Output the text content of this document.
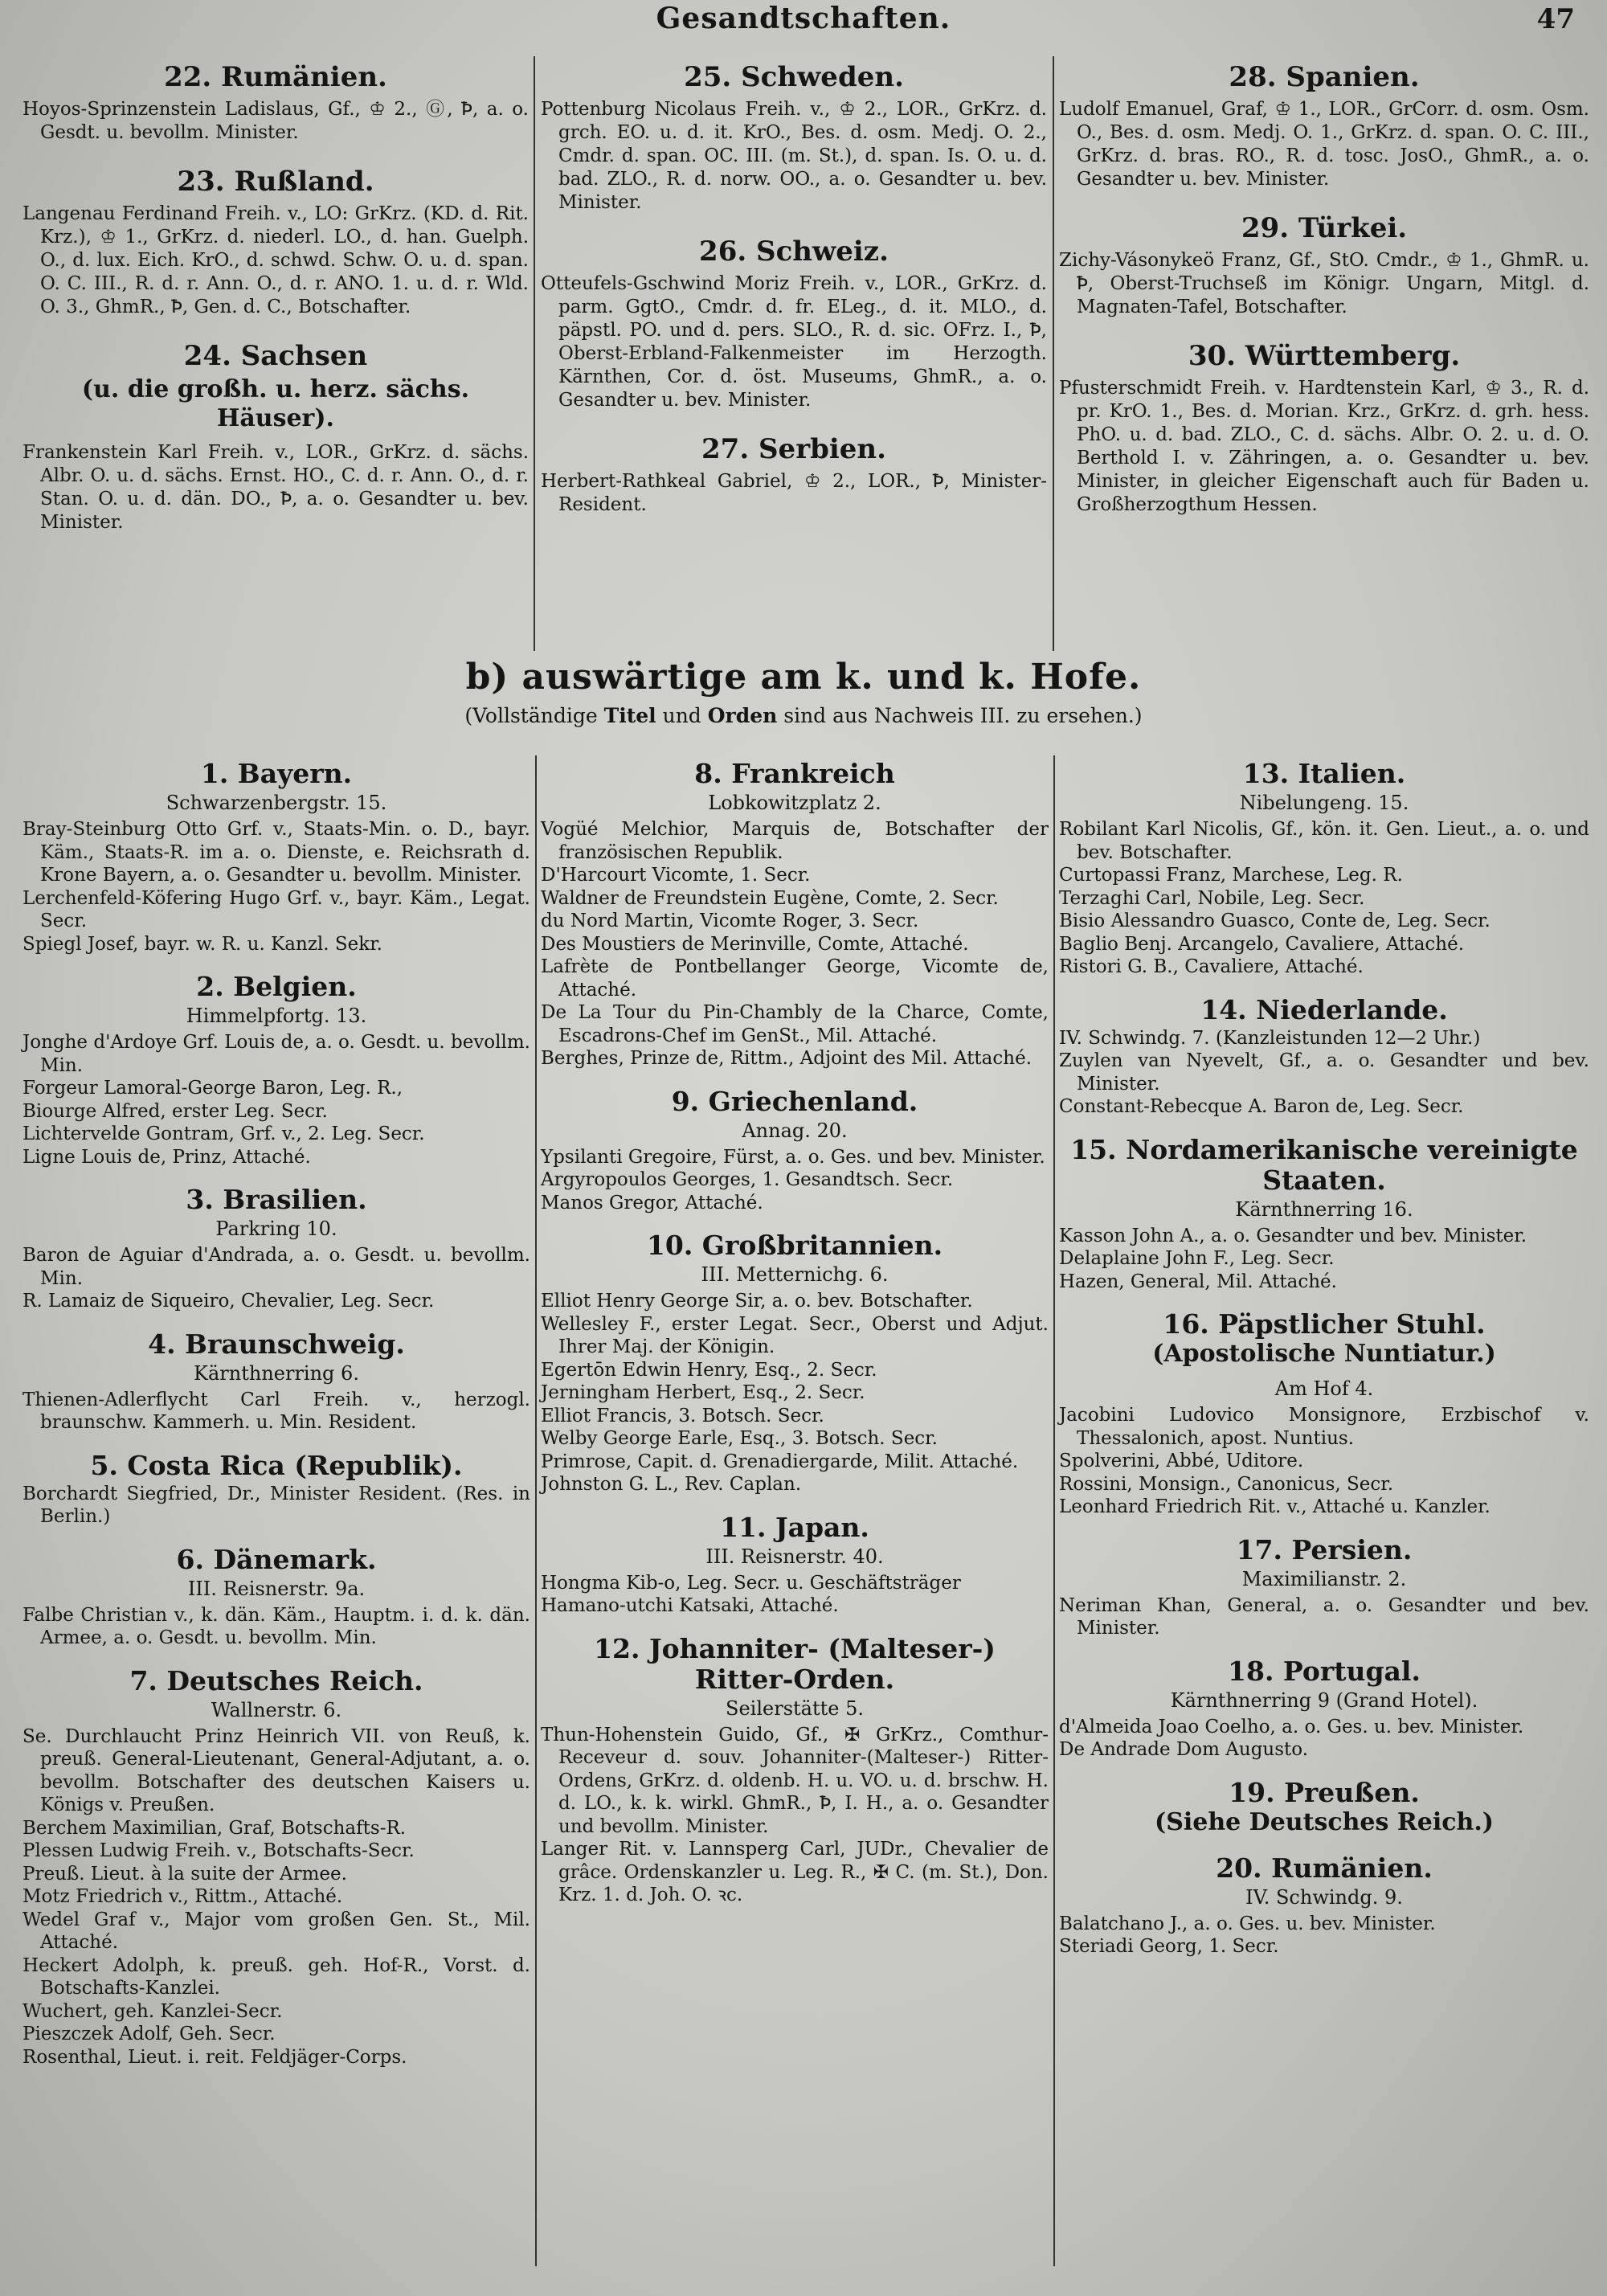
Gesandtschaften.	47
22. Rumänien.

Hoyos-Sprinzenstein Ladislaus, Gf., ♔ 2., Ⓖ, Ꝥ, a. o. Gesdt. u. bevollm. Minister.

23. Rußland.

Langenau Ferdinand Freih. v., LO: GrKrz. (KD. d. Rit. Krz.), ♔ 1., GrKrz. d. niederl. LO., d. han. Guelph. O., d. lux. Eich. KrO., d. schwd. Schw. O. u. d. span. O. C. III., R. d. r. Ann. O., d. r. ANO. 1. u. d. r. Wld. O. 3., GhmR., Ꝥ, Gen. d. C., Botschafter.

24. Sachsen
(u. die großh. u. herz. sächs. Häuser).

Frankenstein Karl Freih. v., LOR., GrKrz. d. sächs. Albr. O. u. d. sächs. Ernst. HO., C. d. r. Ann. O., d. r. Stan. O. u. d. dän. DO., Ꝥ, a. o. Gesandter u. bev. Minister.

25. Schweden.

Pottenburg Nicolaus Freih. v., ♔ 2., LOR., GrKrz. d. grch. EO. u. d. it. KrO., Bes. d. osm. Medj. O. 2., Cmdr. d. span. OC. III. (m. St.), d. span. Is. O. u. d. bad. ZLO., R. d. norw. OO., a. o. Gesandter u. bev. Minister.

26. Schweiz.

Otteufels-Gschwind Moriz Freih. v., LOR., GrKrz. d. parm. GgtO., Cmdr. d. fr. ELeg., d. it. MLO., d. päpstl. PO. und d. pers. SLO., R. d. sic. OFrz. I., Ꝥ, Oberst-Erbland-Falkenmeister im Herzogth. Kärnthen, Cor. d. öst. Museums, GhmR., a. o. Gesandter u. bev. Minister.

27. Serbien.

Herbert-Rathkeal Gabriel, ♔ 2., LOR., Ꝥ, Minister-Resident.

28. Spanien.

Ludolf Emanuel, Graf, ♔ 1., LOR., GrCorr. d. osm. Osm. O., Bes. d. osm. Medj. O. 1., GrKrz. d. span. O. C. III., GrKrz. d. bras. RO., R. d. tosc. JosO., GhmR., a. o. Gesandter u. bev. Minister.

29. Türkei.

Zichy-Vásonykeö Franz, Gf., StO. Cmdr., ♔ 1., GhmR. u. Ꝥ, Oberst-Truchseß im Königr. Ungarn, Mitgl. d. Magnaten-Tafel, Botschafter.

30. Württemberg.

Pfusterschmidt Freih. v. Hardtenstein Karl, ♔ 3., R. d. pr. KrO. 1., Bes. d. Morian. Krz., GrKrz. d. grh. hess. PhO. u. d. bad. ZLO., C. d. sächs. Albr. O. 2. u. d. O. Berthold I. v. Zähringen, a. o. Gesandter u. bev. Minister, in gleicher Eigenschaft auch für Baden u. Großherzogthum Hessen.

b) auswärtige am k. und k. Hofe.
(Vollständige Titel und Orden sind aus Nachweis III. zu ersehen.)
1. Bayern.
Schwarzenbergstr. 15.

Bray-Steinburg Otto Grf. v., Staats-Min. o. D., bayr. Käm., Staats-R. im a. o. Dienste, e. Reichsrath d. Krone Bayern, a. o. Gesandter u. bevollm. Minister.

Lerchenfeld-Köfering Hugo Grf. v., bayr. Käm., Legat. Secr.

Spiegl Josef, bayr. w. R. u. Kanzl. Sekr.

2. Belgien.
Himmelpfortg. 13.

Jonghe d'Ardoye Grf. Louis de, a. o. Gesdt. u. bevollm. Min.

Forgeur Lamoral-George Baron, Leg. R.,

Biourge Alfred, erster Leg. Secr.

Lichtervelde Gontram, Grf. v., 2. Leg. Secr.

Ligne Louis de, Prinz, Attaché.

3. Brasilien.
Parkring 10.

Baron de Aguiar d'Andrada, a. o. Gesdt. u. bevollm. Min.

R. Lamaiz de Siqueiro, Chevalier, Leg. Secr.

4. Braunschweig.
Kärnthnerring 6.

Thienen-Adlerflycht Carl Freih. v., herzogl. braunschw. Kammerh. u. Min. Resident.

5. Costa Rica (Republik).

Borchardt Siegfried, Dr., Minister Resident. (Res. in Berlin.)

6. Dänemark.
III. Reisnerstr. 9a.

Falbe Christian v., k. dän. Käm., Hauptm. i. d. k. dän. Armee, a. o. Gesdt. u. bevollm. Min.

7. Deutsches Reich.
Wallnerstr. 6.

Se. Durchlaucht Prinz Heinrich VII. von Reuß, k. preuß. General-Lieutenant, General-Adjutant, a. o. bevollm. Botschafter des deutschen Kaisers u. Königs v. Preußen.

Berchem Maximilian, Graf, Botschafts-R.

Plessen Ludwig Freih. v., Botschafts-Secr.

Preuß. Lieut. à la suite der Armee.

Motz Friedrich v., Rittm., Attaché.

Wedel Graf v., Major vom großen Gen. St., Mil. Attaché.

Heckert Adolph, k. preuß. geh. Hof-R., Vorst. d. Botschafts-Kanzlei.

Wuchert, geh. Kanzlei-Secr.

Pieszczek Adolf, Geh. Secr.

Rosenthal, Lieut. i. reit. Feldjäger-Corps.

8. Frankreich
Lobkowitzplatz 2.

Vogüé Melchior, Marquis de, Botschafter der französischen Republik.

D'Harcourt Vicomte, 1. Secr.

Waldner de Freundstein Eugène, Comte, 2. Secr.

du Nord Martin, Vicomte Roger, 3. Secr.

Des Moustiers de Merinville, Comte, Attaché.

Lafrète de Pontbellanger George, Vicomte de, Attaché.

De La Tour du Pin-Chambly de la Charce, Comte, Escadrons-Chef im GenSt., Mil. Attaché.

Berghes, Prinze de, Rittm., Adjoint des Mil. Attaché.

9. Griechenland.
Annag. 20.

Ypsilanti Gregoire, Fürst, a. o. Ges. und bev. Minister.

Argyropoulos Georges, 1. Gesandtsch. Secr.

Manos Gregor, Attaché.

10. Großbritannien.
III. Metternichg. 6.

Elliot Henry George Sir, a. o. bev. Botschafter.

Wellesley F., erster Legat. Secr., Oberst und Adjut. Ihrer Maj. der Königin.

Egertōn Edwin Henry, Esq., 2. Secr.

Jerningham Herbert, Esq., 2. Secr.

Elliot Francis, 3. Botsch. Secr.

Welby George Earle, Esq., 3. Botsch. Secr.

Primrose, Capit. d. Grenadiergarde, Milit. Attaché.

Johnston G. L., Rev. Caplan.

11. Japan.
III. Reisnerstr. 40.

Hongma Kib-o, Leg. Secr. u. Geschäftsträger

Hamano-utchi Katsaki, Attaché.

12. Johanniter- (Malteser-) Ritter-Orden.
Seilerstätte 5.

Thun-Hohenstein Guido, Gf., ✠ GrKrz., Comthur-Receveur d. souv. Johanniter-(Malteser-) Ritter-Ordens, GrKrz. d. oldenb. H. u. VO. u. d. brschw. H. d. LO., k. k. wirkl. GhmR., Ꝥ, I. H., a. o. Gesandter und bevollm. Minister.

Langer Rit. v. Lannsperg Carl, JUDr., Chevalier de grâce. Ordenskanzler u. Leg. R., ✠ C. (m. St.), Don. Krz. 1. d. Joh. O. ꝛc.

13. Italien.
Nibelungeng. 15.

Robilant Karl Nicolis, Gf., kön. it. Gen. Lieut., a. o. und bev. Botschafter.

Curtopassi Franz, Marchese, Leg. R.

Terzaghi Carl, Nobile, Leg. Secr.

Bisio Alessandro Guasco, Conte de, Leg. Secr.

Baglio Benj. Arcangelo, Cavaliere, Attaché.

Ristori G. B., Cavaliere, Attaché.

14. Niederlande.

IV. Schwindg. 7. (Kanzleistunden 12—2 Uhr.)

Zuylen van Nyevelt, Gf., a. o. Gesandter und bev. Minister.

Constant-Rebecque A. Baron de, Leg. Secr.

15. Nordamerikanische vereinigte Staaten.
Kärnthnerring 16.

Kasson John A., a. o. Gesandter und bev. Minister.

Delaplaine John F., Leg. Secr.

Hazen, General, Mil. Attaché.

16. Päpstlicher Stuhl.
(Apostolische Nuntiatur.)
Am Hof 4.

Jacobini Ludovico Monsignore, Erzbischof v. Thessalonich, apost. Nuntius.

Spolverini, Abbé, Uditore.

Rossini, Monsign., Canonicus, Secr.

Leonhard Friedrich Rit. v., Attaché u. Kanzler.

17. Persien.
Maximilianstr. 2.

Neriman Khan, General, a. o. Gesandter und bev. Minister.

18. Portugal.
Kärnthnerring 9 (Grand Hotel).

d'Almeida Joao Coelho, a. o. Ges. u. bev. Minister.

De Andrade Dom Augusto.

19. Preußen.
(Siehe Deutsches Reich.)
20. Rumänien.
IV. Schwindg. 9.

Balatchano J., a. o. Ges. u. bev. Minister.

Steriadi Georg, 1. Secr.
